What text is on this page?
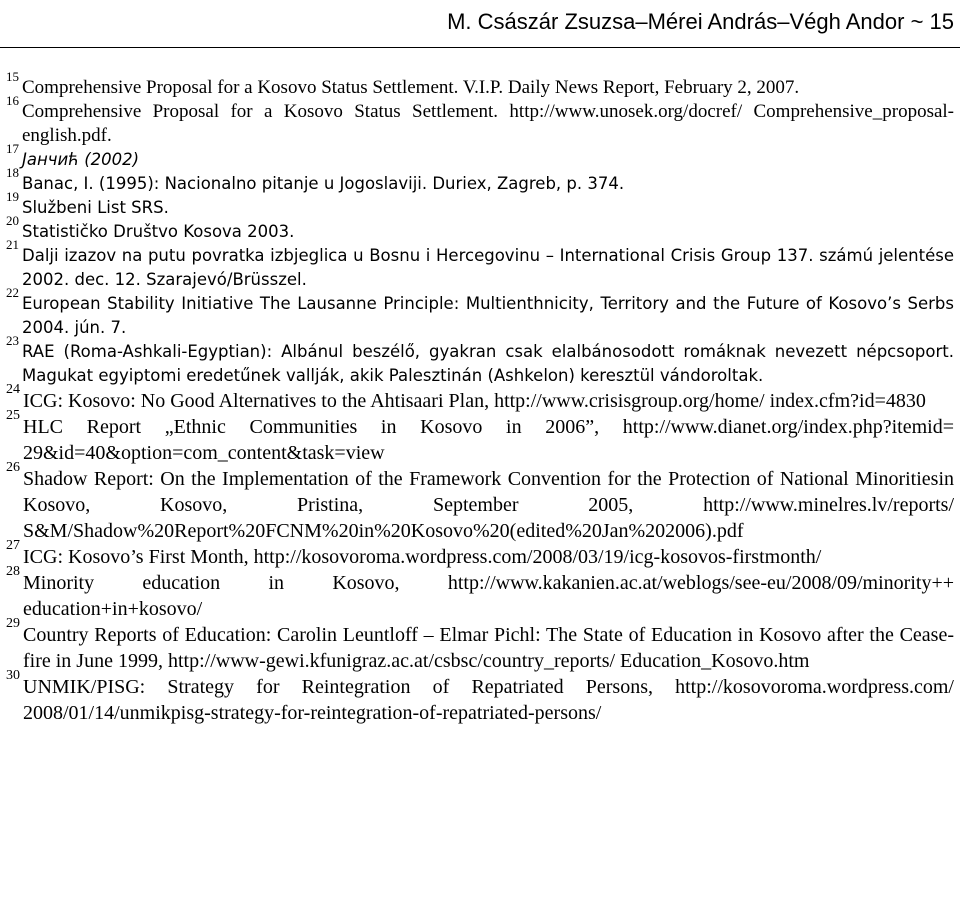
M. Császár Zsuzsa–Mérei András–Végh Andor ~ 15

15
Comprehensive Proposal for a Kosovo Status Settlement. V.I.P. Daily News Report, February 2, 2007.

16
Comprehensive Proposal for a Kosovo Status Settlement. http://www.unosek.org/docref/ Comprehensive_proposal-english.pdf.

17
Јанчић (2002)

18
Banac, I. (1995): Nacionalno pitanje u Jogoslaviji. Duriex, Zagreb, p. 374.

19
Službeni List SRS.

20
Statističko Društvo Kosova 2003.

21
Dalji izazov na putu povratka izbjeglica u Bosnu i Hercegovinu – International Crisis Group 137. számú jelentése 2002. dec. 12. Szarajevó/Brüsszel.

22
European Stability Initiative The Lausanne Principle: Multienthnicity, Territory and the Future of Kosovo’s Serbs 2004. jún. 7.

23
RAE (Roma-Ashkali-Egyptian): Albánul beszélő, gyakran csak elalbánosodott romáknak nevezett népcsoport. Magukat egyiptomi eredetűnek vallják, akik Palesztinán (Ashkelon) keresztül vándoroltak.

24
ICG: Kosovo: No Good Alternatives to the Ahtisaari Plan, http://www.crisisgroup.org/home/ index.cfm?id=4830

25
HLC Report „Ethnic Communities in Kosovo in 2006”, http://www.dianet.org/index.php?itemid= 29&id=40&option=com_content&task=view

26
Shadow Report: On the Implementation of the Framework Convention for the Protection of National Minoritiesin Kosovo, Kosovo, Pristina, September 2005, http://www.minelres.lv/reports/ S&M/Shadow%20Report%20FCNM%20in%20Kosovo%20(edited%20Jan%202006).pdf

27
ICG: Kosovo’s First Month, http://kosovoroma.wordpress.com/2008/03/19/icg-kosovos-firstmonth/

28
Minority education in Kosovo, http://www.kakanien.ac.at/weblogs/see-eu/2008/09/minority++ education+in+kosovo/

29
Country Reports of Education: Carolin Leuntloff – Elmar Pichl: The State of Education in Kosovo after the Cease-fire in June 1999, http://www-gewi.kfunigraz.ac.at/csbsc/country_reports/ Education_Kosovo.htm

30
UNMIK/PISG: Strategy for Reintegration of Repatriated Persons, http://kosovoroma.wordpress.com/ 2008/01/14/unmikpisg-strategy-for-reintegration-of-repatriated-persons/
